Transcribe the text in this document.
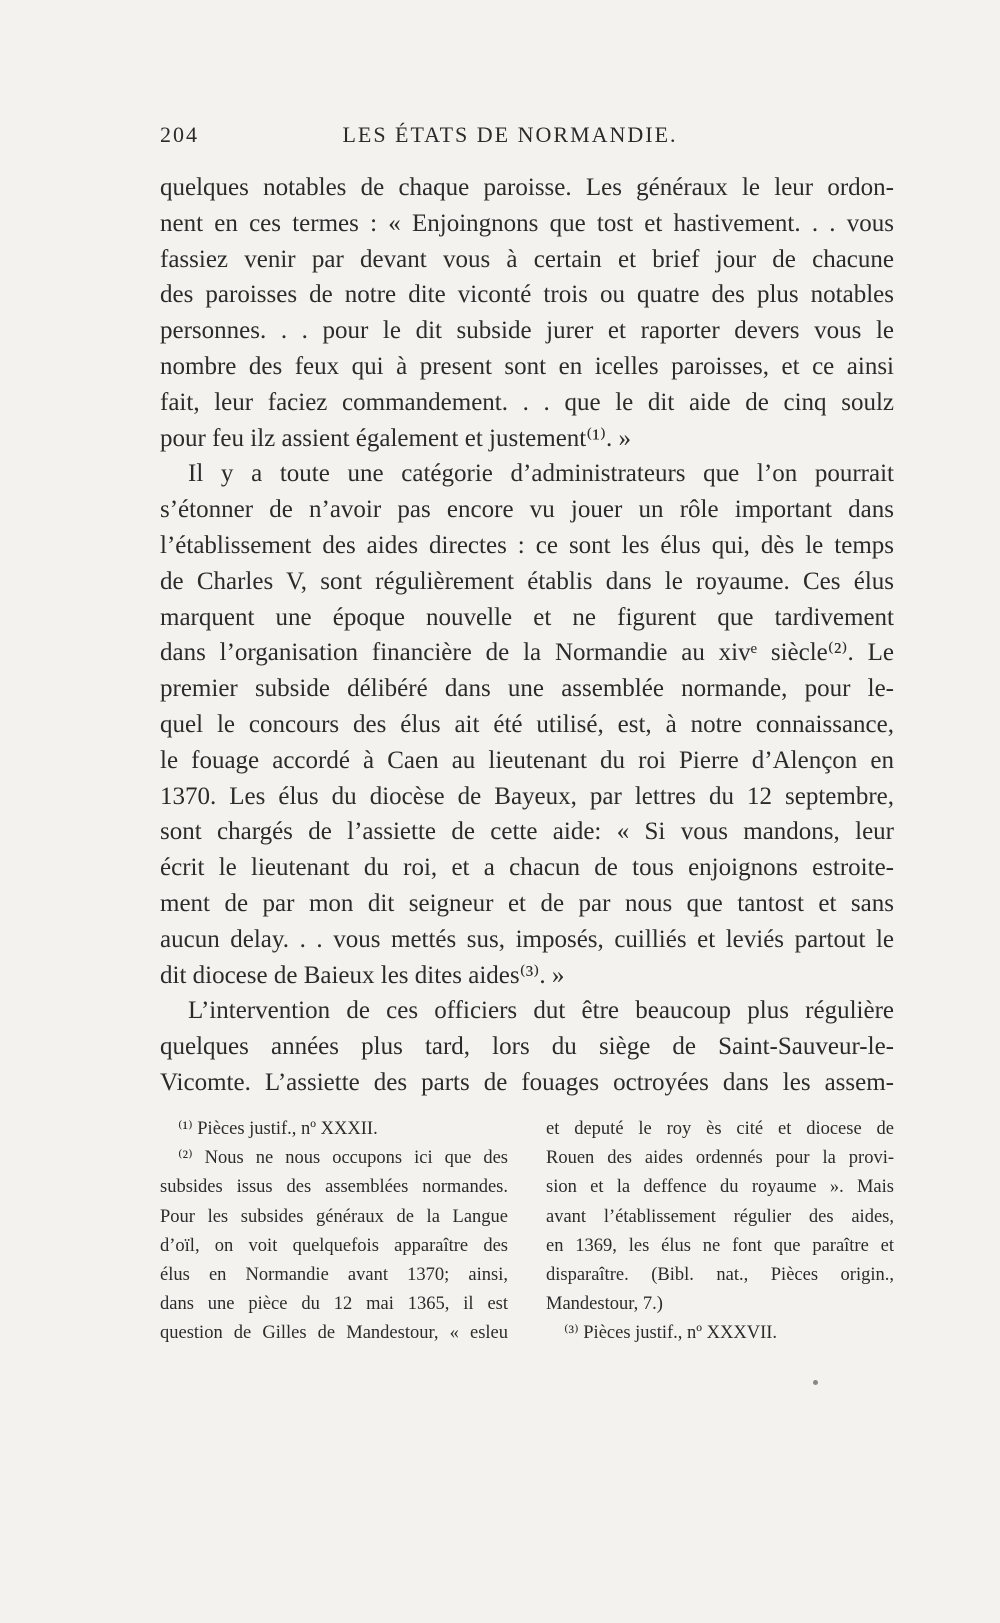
204	LES ÉTATS DE NORMANDIE.
quelques notables de chaque paroisse. Les généraux le leur ordon-
nent en ces termes : « Enjoingnons que tost et hastivement. . . vous
fassiez venir par devant vous à certain et brief jour de chacune
des paroisses de notre dite viconté trois ou quatre des plus notables
personnes. . . pour le dit subside jurer et raporter devers vous le
nombre des feux qui à present sont en icelles paroisses, et ce ainsi
fait, leur faciez commandement. . . que le dit aide de cinq soulz
pour feu ilz assient également et justement⁽¹⁾. »
Il y a toute une catégorie d’administrateurs que l’on pourrait
s’étonner de n’avoir pas encore vu jouer un rôle important dans
l’établissement des aides directes : ce sont les élus qui, dès le temps
de Charles V, sont régulièrement établis dans le royaume. Ces élus
marquent une époque nouvelle et ne figurent que tardivement
dans l’organisation financière de la Normandie au xivᵉ siècle⁽²⁾. Le
premier subside délibéré dans une assemblée normande, pour le-
quel le concours des élus ait été utilisé, est, à notre connaissance,
le fouage accordé à Caen au lieutenant du roi Pierre d’Alençon en
1370. Les élus du diocèse de Bayeux, par lettres du 12 septembre,
sont chargés de l’assiette de cette aide: « Si vous mandons, leur
écrit le lieutenant du roi, et a chacun de tous enjoignons estroite-
ment de par mon dit seigneur et de par nous que tantost et sans
aucun delay. . . vous mettés sus, imposés, cuilliés et leviés partout le
dit diocese de Baieux les dites aides⁽³⁾. »
L’intervention de ces officiers dut être beaucoup plus régulière
quelques années plus tard, lors du siège de Saint-Sauveur-le-
Vicomte. L’assiette des parts de fouages octroyées dans les assem-
⁽¹⁾ Pièces justif., nº XXXII.
⁽²⁾ Nous ne nous occupons ici que des
subsides issus des assemblées normandes.
Pour les subsides généraux de la Langue
d’oïl, on voit quelquefois apparaître des
élus en Normandie avant 1370; ainsi,
dans une pièce du 12 mai 1365, il est
question de Gilles de Mandestour, « esleu
et deputé le roy ès cité et diocese de
Rouen des aides ordennés pour la provi-
sion et la deffence du royaume ». Mais
avant l’établissement régulier des aides,
en 1369, les élus ne font que paraître et
disparaître. (Bibl. nat., Pièces origin.,
Mandestour, 7.)
⁽³⁾ Pièces justif., nº XXXVII.
